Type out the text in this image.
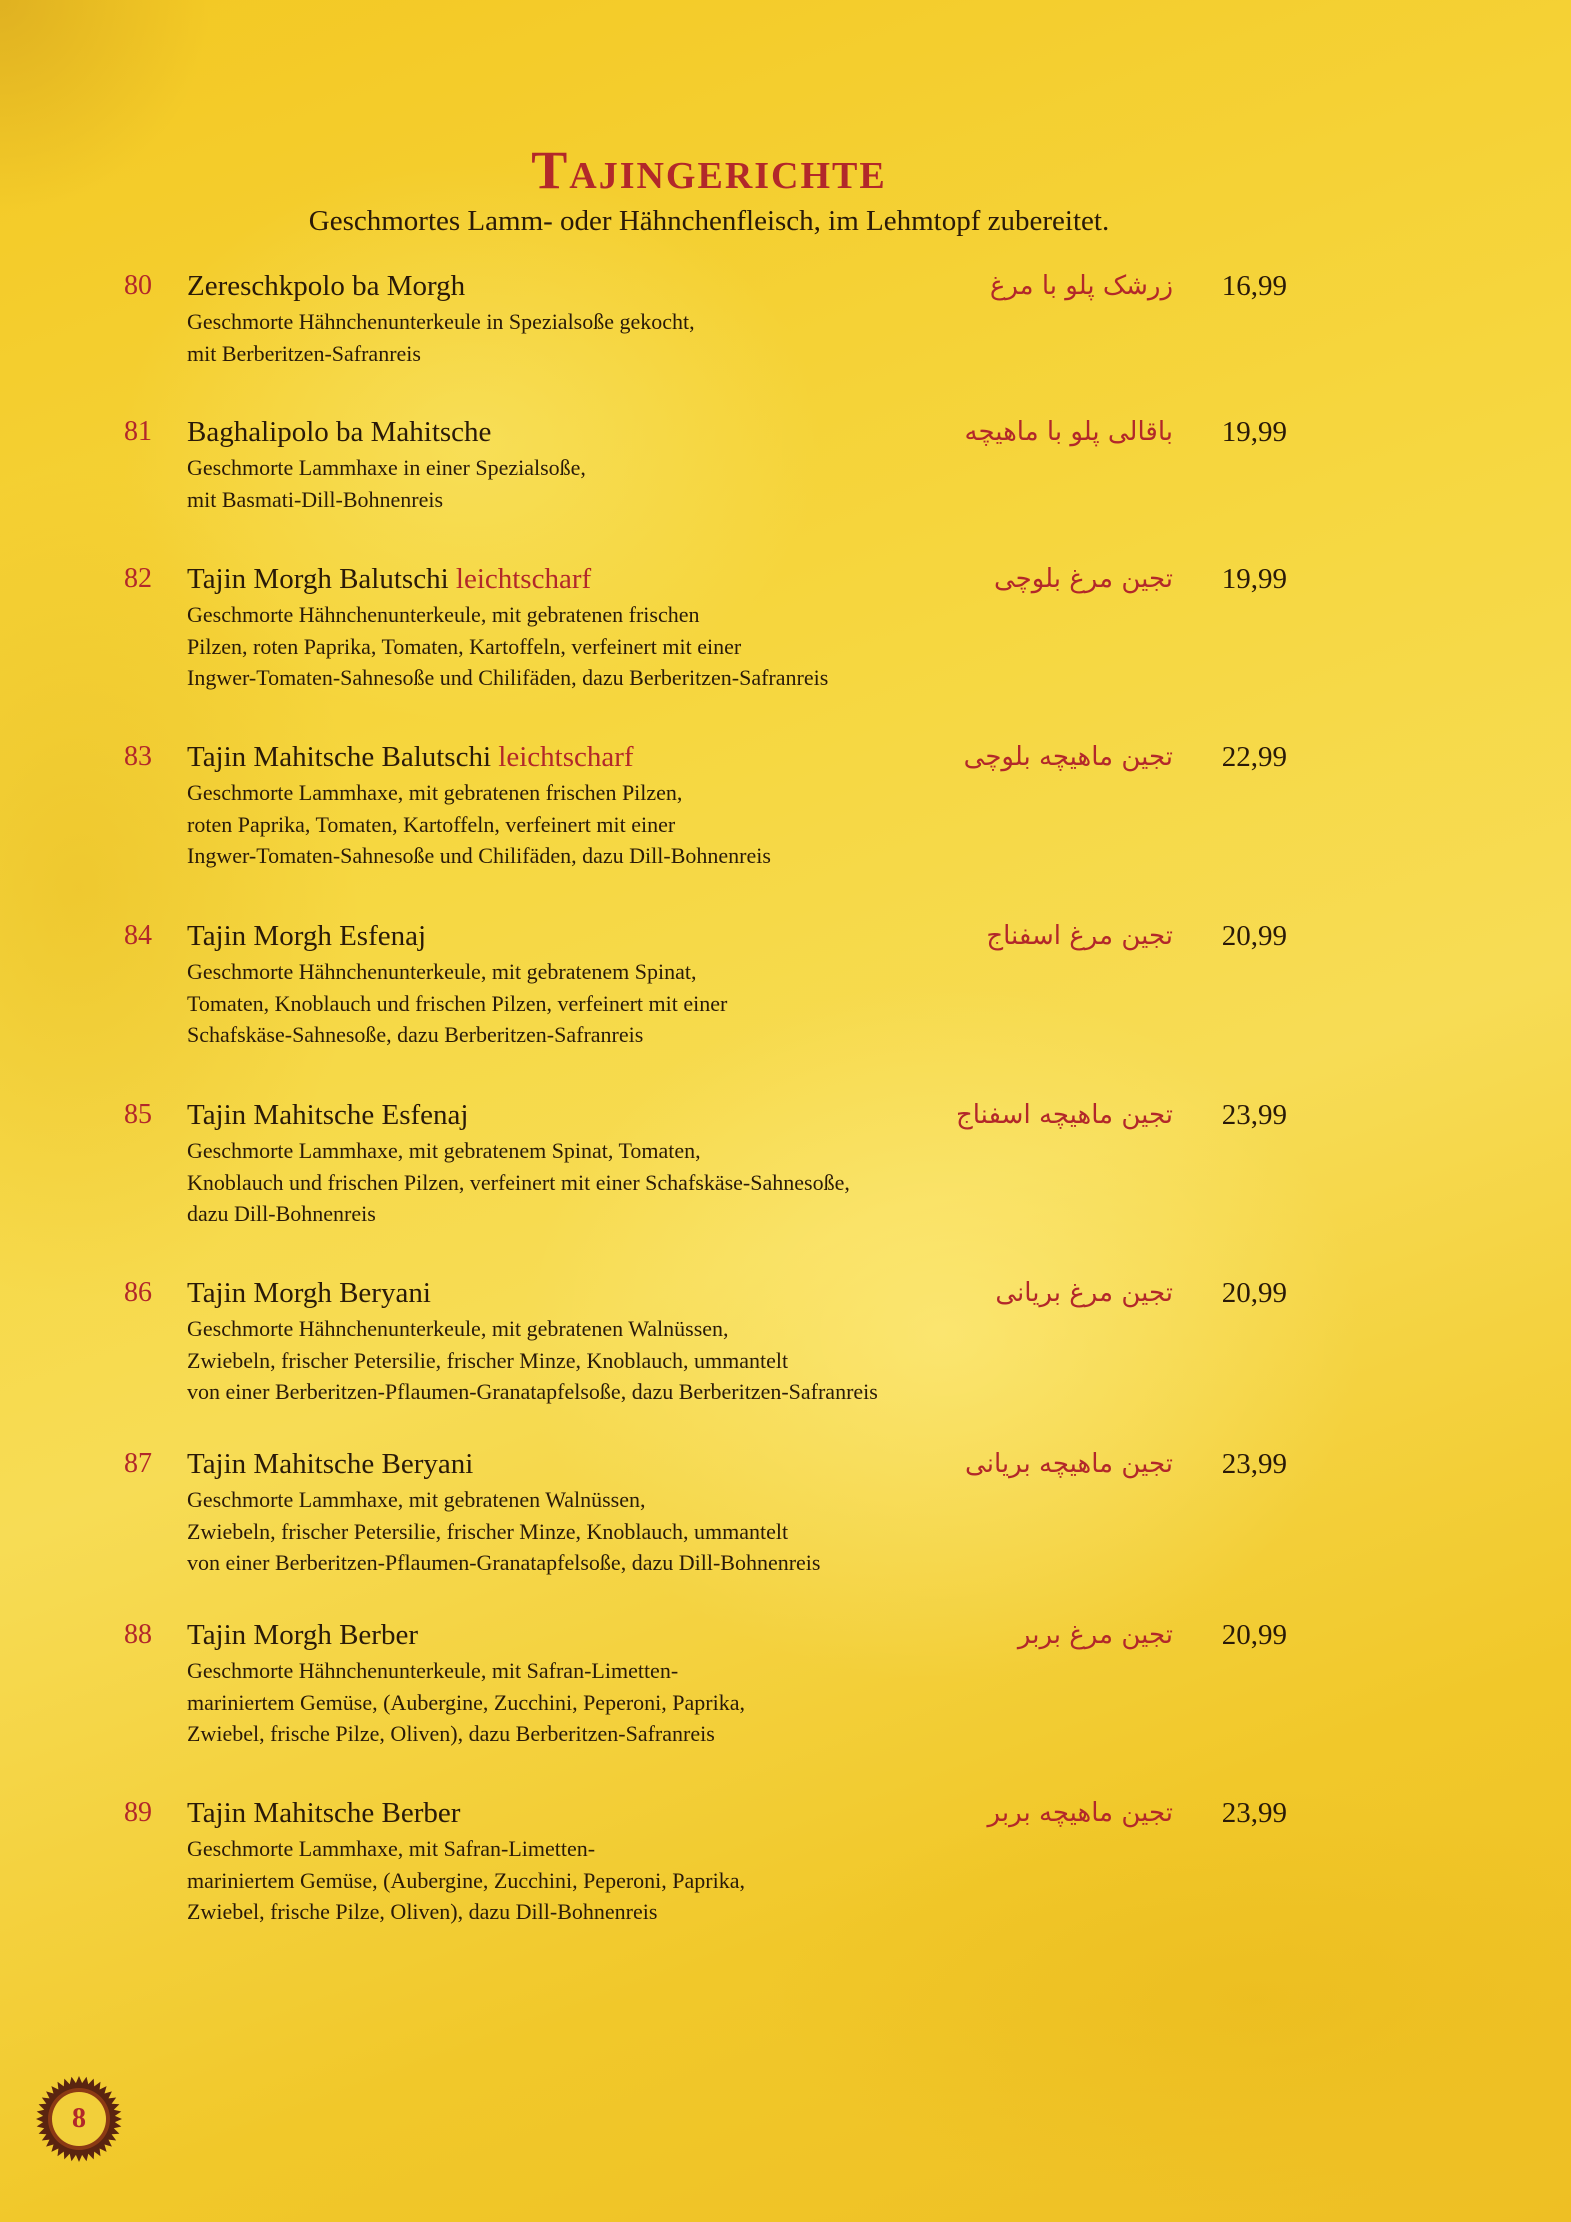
Tajingerichte
Geschmortes Lamm- oder Hähnchenfleisch, im Lehmtopf zubereitet.
80	Zereschkpolo ba Morgh	زرشک پلو با مرغ 16,99
Geschmorte Hähnchenunterkeule in Spezialsoße gekocht,
mit Berberitzen-Safranreis
81	Baghalipolo ba Mahitsche	باقالی پلو با ماهیچه 19,99
Geschmorte Lammhaxe in einer Spezialsoße,
mit Basmati-Dill-Bohnenreis
82	Tajin Morgh Balutschi leichtscharf	تجین مرغ بلوچی 19,99
Geschmorte Hähnchenunterkeule, mit gebratenen frischen
Pilzen, roten Paprika, Tomaten, Kartoffeln, verfeinert mit einer
Ingwer-Tomaten-Sahnesoße und Chilifäden, dazu Berberitzen-Safranreis
83	Tajin Mahitsche Balutschi leichtscharf	تجین ماهیچه بلوچی 22,99
Geschmorte Lammhaxe, mit gebratenen frischen Pilzen,
roten Paprika, Tomaten, Kartoffeln, verfeinert mit einer
Ingwer-Tomaten-Sahnesoße und Chilifäden, dazu Dill-Bohnenreis
84	Tajin Morgh Esfenaj	تجین مرغ اسفناج 20,99
Geschmorte Hähnchenunterkeule, mit gebratenem Spinat,
Tomaten, Knoblauch und frischen Pilzen, verfeinert mit einer
Schafskäse-Sahnesoße, dazu Berberitzen-Safranreis
85	Tajin Mahitsche Esfenaj	تجین ماهیچه اسفناج 23,99
Geschmorte Lammhaxe, mit gebratenem Spinat, Tomaten,
Knoblauch und frischen Pilzen, verfeinert mit einer Schafskäse-Sahnesoße,
dazu Dill-Bohnenreis
86	Tajin Morgh Beryani	تجین مرغ بریانی 20,99
Geschmorte Hähnchenunterkeule, mit gebratenen Walnüssen,
Zwiebeln, frischer Petersilie, frischer Minze, Knoblauch, ummantelt
von einer Berberitzen-Pflaumen-Granatapfelsoße, dazu Berberitzen-Safranreis
87	Tajin Mahitsche Beryani	تجین ماهیچه بریانی 23,99
Geschmorte Lammhaxe, mit gebratenen Walnüssen,
Zwiebeln, frischer Petersilie, frischer Minze, Knoblauch, ummantelt
von einer Berberitzen-Pflaumen-Granatapfelsoße, dazu Dill-Bohnenreis
88	Tajin Morgh Berber	تجین مرغ بربر 20,99
Geschmorte Hähnchenunterkeule, mit Safran-Limetten-
mariniertem Gemüse, (Aubergine, Zucchini, Peperoni, Paprika,
Zwiebel, frische Pilze, Oliven), dazu Berberitzen-Safranreis
89	Tajin Mahitsche Berber	تجین ماهیچه بربر 23,99
Geschmorte Lammhaxe, mit Safran-Limetten-
mariniertem Gemüse, (Aubergine, Zucchini, Peperoni, Paprika,
Zwiebel, frische Pilze, Oliven), dazu Dill-Bohnenreis
8
